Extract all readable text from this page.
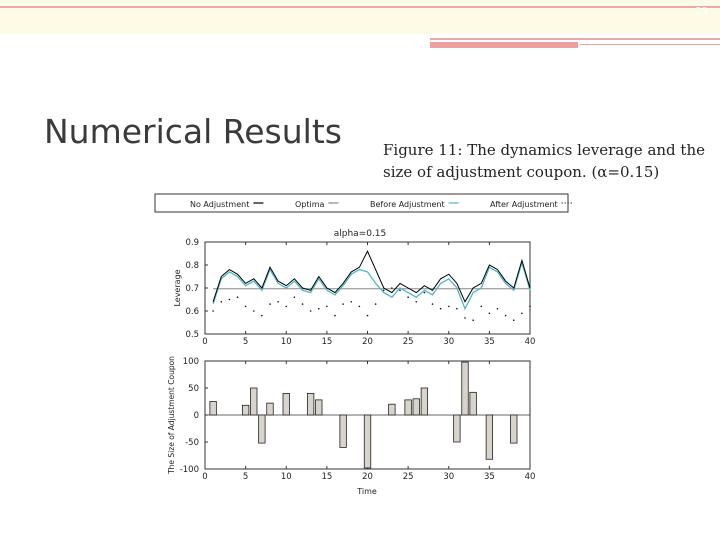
29
Numerical Results	Figure 11: The dynamics leverage and the size of adjustment coupon. (α=0.15)
No Adjustment	Optima	Before Adjustment	After Adjustment
alpha=0.15
0.5
0.6
0.7
0.8
0.9
0	5	10	15	20	25	30	35	40
Leverage
-100
-50
0
50
100
0	5	10	15	20	25	30	35	40
The Size of Adjustment Coupon
Time
